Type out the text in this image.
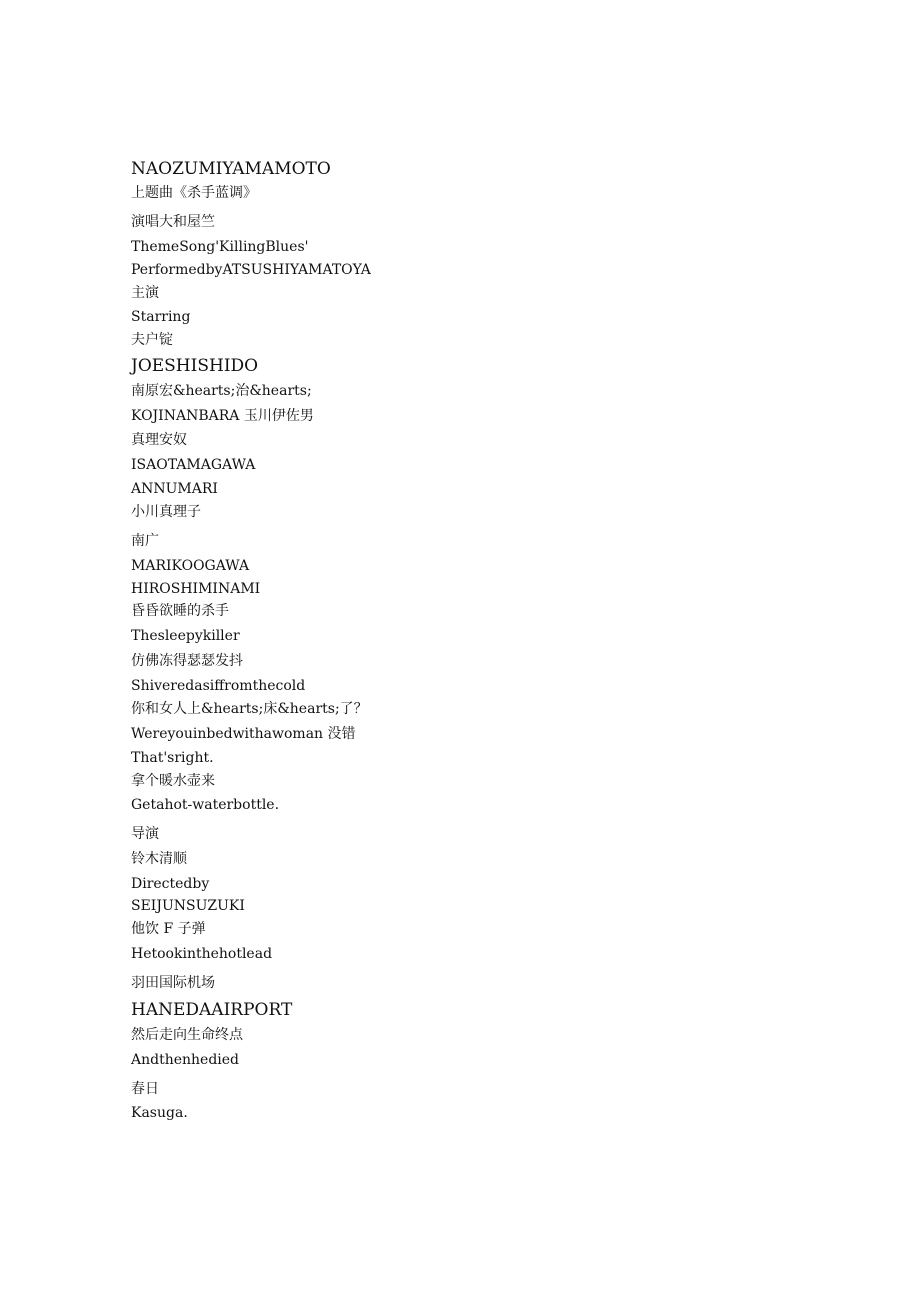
NAOZUMIYAMAMOTO
上题曲《杀手蓝调》
演唱大和屋竺
ThemeSong'KillingBlues'
PerformedbyATSUSHIYAMATOYA
主演
Starring
夫户锭
JOESHISHIDO
南原宏&hearts;治&hearts;
KOJINANBARA 玉川伊佐男
真理安奴
ISAOTAMAGAWA
ANNUMARI
小川真理子
南广
MARIKOOGAWA
HIROSHIMINAMI
昏昏欲睡的杀手
Thesleepykiller
仿佛冻得瑟瑟发抖
Shiveredasiffromthecold
你和女人上&hearts;床&hearts;了？
Wereyouinbedwithawoman 没错
That'sright.
拿个暖水壶来
Getahot-waterbottle.
导演
铃木清顺
Directedby
SEIJUNSUZUKI
他饮 F 子弹
Hetookinthehotlead
羽田国际机场
HANEDAAIRPORT
然后走向生命终点
Andthenhedied
春日
Kasuga.
